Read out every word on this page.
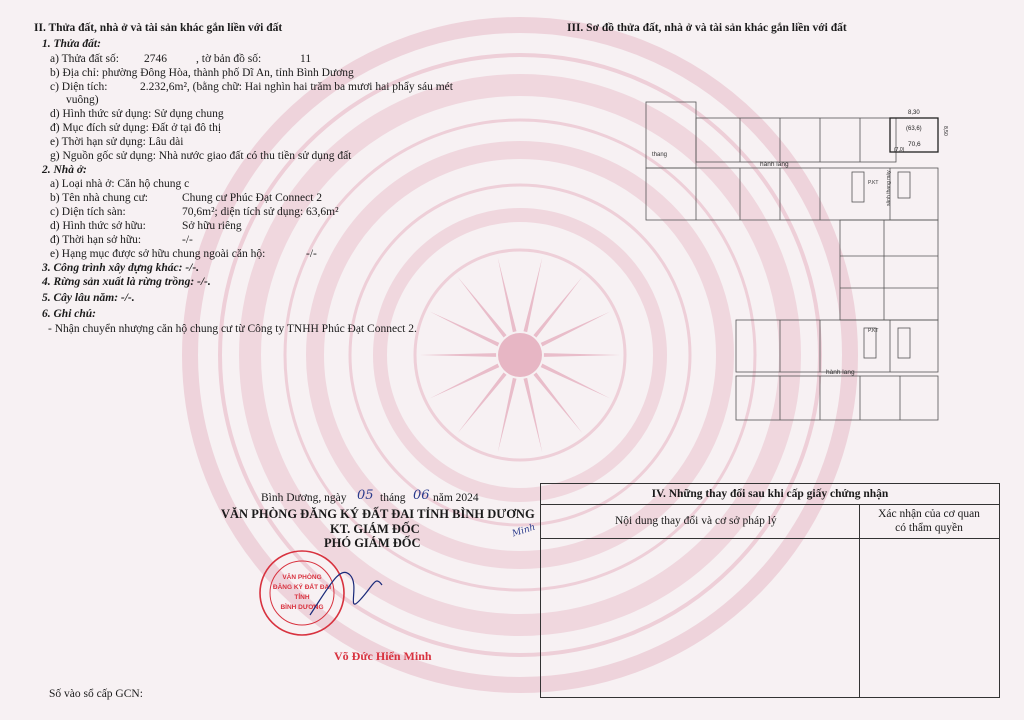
II. Thửa đất, nhà ở và tài sản khác gắn liền với đất
1. Thửa đất:
a) Thửa đất số: 2746	, tờ bản đồ số:	11
b) Địa chỉ: phường Đông Hòa, thành phố Dĩ An, tỉnh Bình Dương
c) Diện tích:	2.232,6m², (bằng chữ: Hai nghìn hai trăm ba mươi hai phẩy sáu mét
vuông)
d) Hình thức sử dụng: Sử dụng chung
đ) Mục đích sử dụng: Đất ở tại đô thị
e) Thời hạn sử dụng: Lâu dài
g) Nguồn gốc sử dụng: Nhà nước giao đất có thu tiền sử dụng đất
2. Nhà ở:
a) Loại nhà ở: Căn hộ chung c
b) Tên nhà chung cư:	Chung cư Phúc Đạt Connect 2
c) Diện tích sàn:	70,6m²; diện tích sử dụng: 63,6m²
d) Hình thức sở hữu:	Sở hữu riêng
đ) Thời hạn sở hữu:	-/-
e) Hạng mục được sở hữu chung ngoài căn hộ:	-/-
3. Công trình xây dựng khác: -/-.
4. Rừng sản xuất là rừng trồng: -/-.
5. Cây lâu năm: -/-.
6. Ghi chú:
- Nhận chuyển nhượng căn hộ chung cư từ Công ty TNHH Phúc Đạt Connect 2.
III. Sơ đồ thửa đất, nhà ở và tài sản khác gắn liền với đất
thang
hành lang
hành lang
P.KT
P.KT
sảnh thang máy
8,30
(63,6)
70,6
(7,0)
8,50
Bình Dương, ngày 05 tháng 06 năm 2024
VĂN PHÒNG ĐĂNG KÝ ĐẤT ĐAI TỈNH BÌNH DƯƠNG
KT. GIÁM ĐỐC
PHÓ GIÁM ĐỐC
Minh
VĂN PHÒNG
ĐĂNG KÝ ĐẤT ĐAI
TỈNH
BÌNH DƯƠNG
Võ Đức Hiển Minh
IV. Những thay đổi sau khi cấp giấy chứng nhận
Nội dung thay đổi và cơ sở pháp lý
Xác nhận của cơ quan
có thẩm quyền
Số vào sổ cấp GCN:
